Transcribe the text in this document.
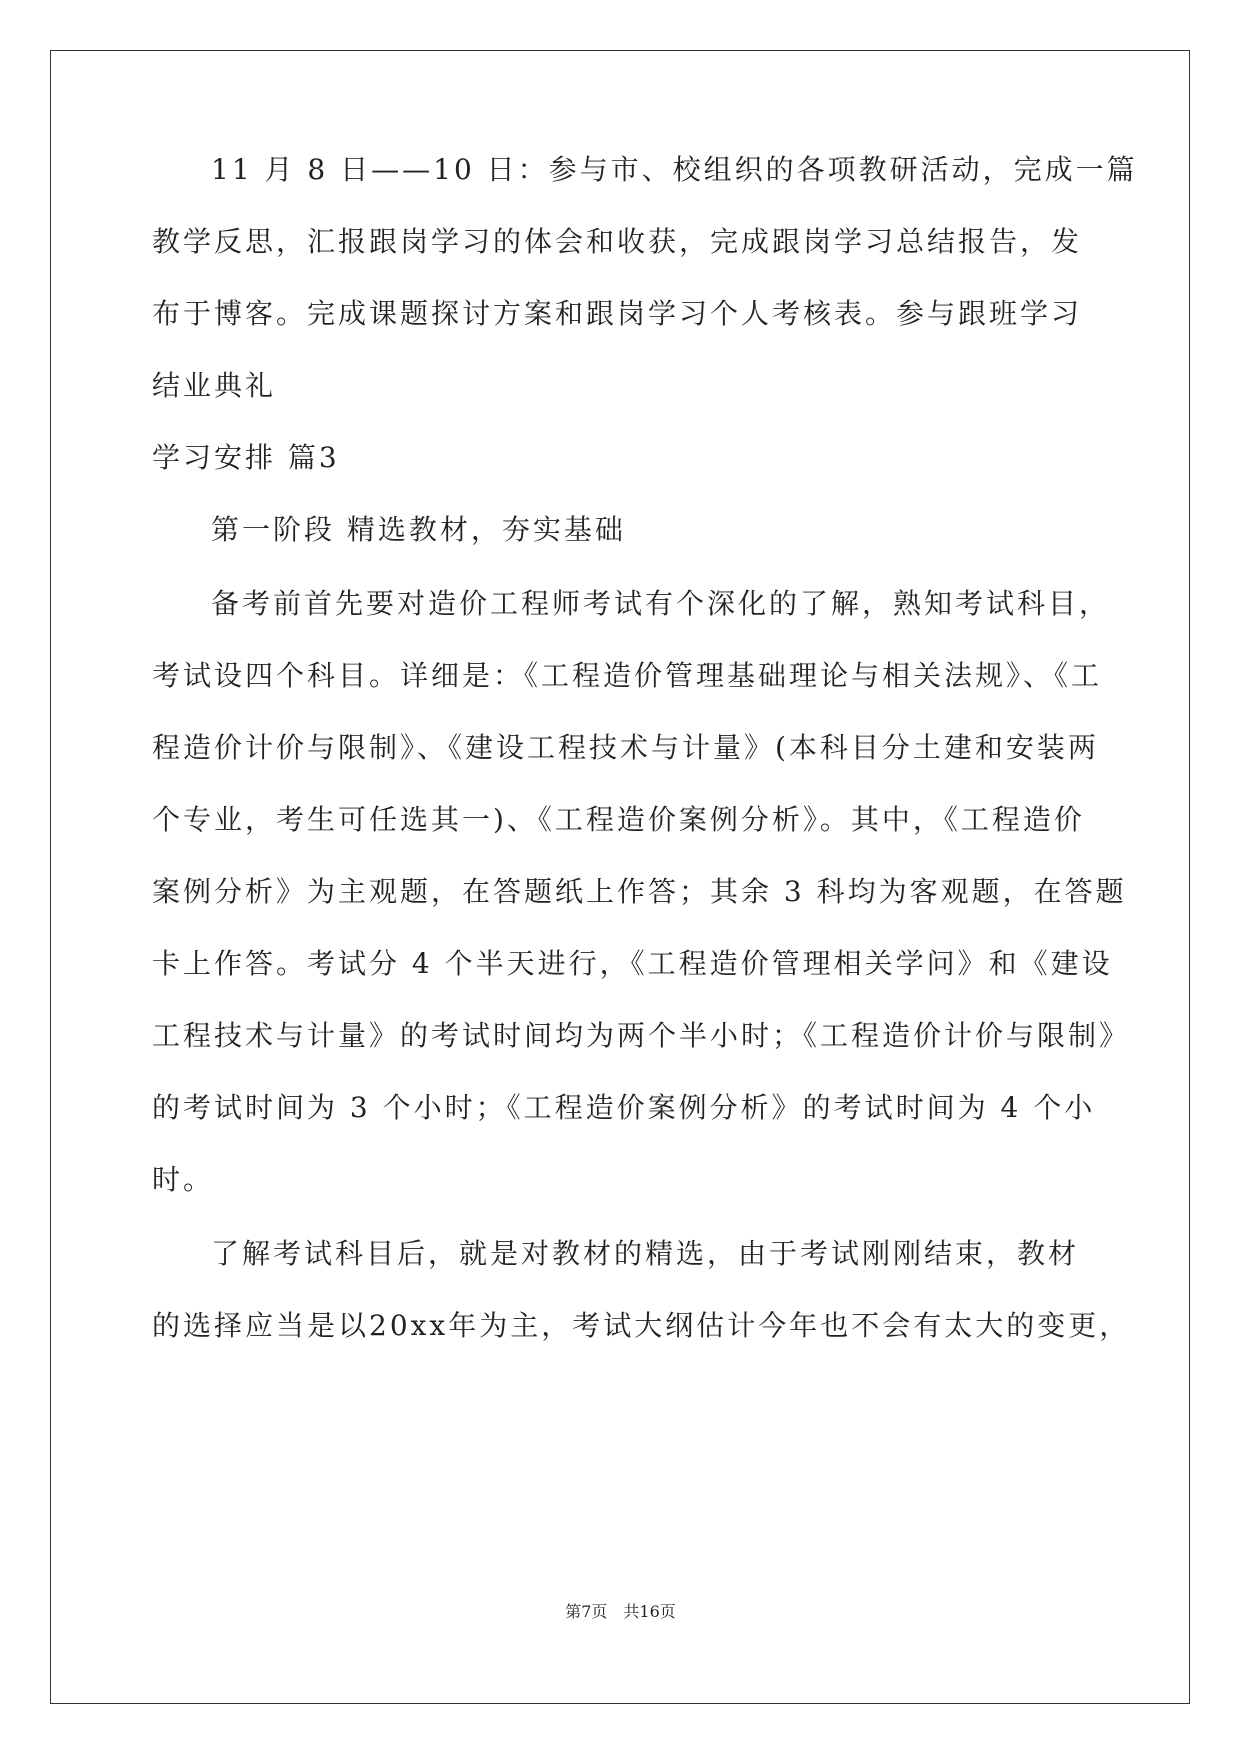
11 月 8 日——10 日：参与市、校组织的各项教研活动，完成一篇
教学反思，汇报跟岗学习的体会和收获，完成跟岗学习总结报告，发
布于博客。完成课题探讨方案和跟岗学习个人考核表。参与跟班学习
结业典礼
学习安排 篇3
第一阶段 精选教材，夯实基础
备考前首先要对造价工程师考试有个深化的了解，熟知考试科目，
考试设四个科目。详细是：《工程造价管理基础理论与相关法规》、《工
程造价计价与限制》、《建设工程技术与计量》(本科目分土建和安装两
个专业，考生可任选其一)、《工程造价案例分析》。其中，《工程造价
案例分析》为主观题，在答题纸上作答；其余 3 科均为客观题，在答题
卡上作答。考试分 4 个半天进行，《工程造价管理相关学问》和《建设
工程技术与计量》的考试时间均为两个半小时；《工程造价计价与限制》
的考试时间为 3 个小时；《工程造价案例分析》的考试时间为 4 个小
时。
了解考试科目后，就是对教材的精选，由于考试刚刚结束，教材
的选择应当是以20xx年为主，考试大纲估计今年也不会有太大的变更，
第7页　共16页
